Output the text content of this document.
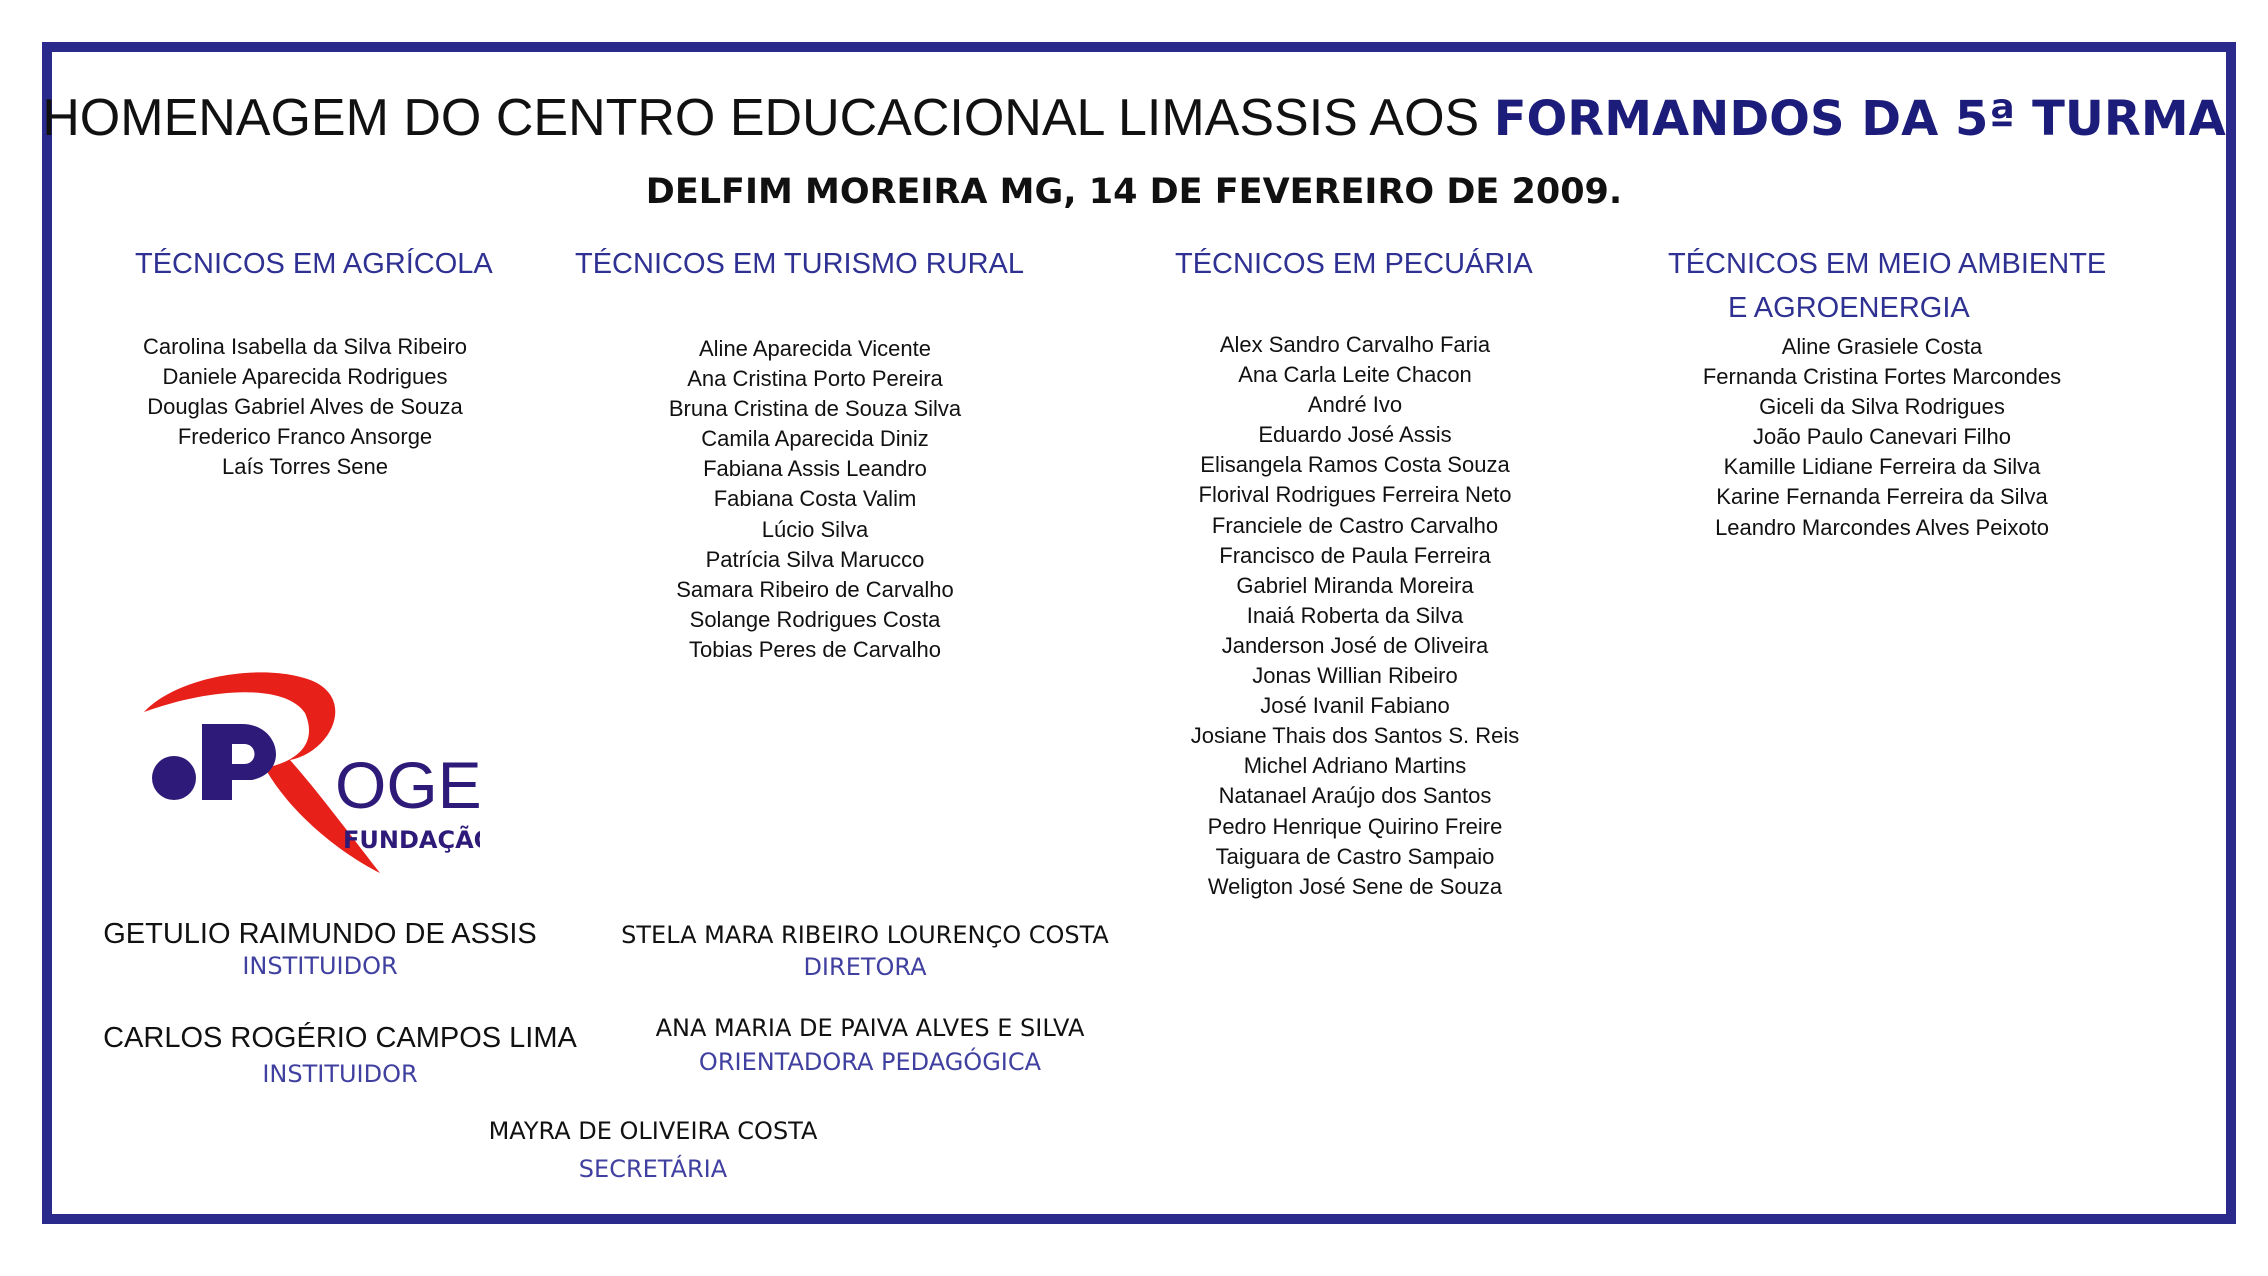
HOMENAGEM DO CENTRO EDUCACIONAL LIMASSIS AOS FORMANDOS DA 5ª TURMA
DELFIM MOREIRA MG, 14 DE FEVEREIRO DE 2009.
TÉCNICOS EM AGRÍCOLA	TÉCNICOS EM TURISMO RURAL	TÉCNICOS EM PECUÁRIA	TÉCNICOS EM MEIO AMBIENTE
E AGROENERGIA
Carolina Isabella da Silva Ribeiro
Daniele Aparecida Rodrigues
Douglas Gabriel Alves de Souza
Frederico Franco Ansorge
Laís Torres Sene
Aline Aparecida Vicente
Ana Cristina Porto Pereira
Bruna Cristina de Souza Silva
Camila Aparecida Diniz
Fabiana Assis Leandro
Fabiana Costa Valim
Lúcio Silva
Patrícia Silva Marucco
Samara Ribeiro de Carvalho
Solange Rodrigues Costa
Tobias Peres de Carvalho
Alex Sandro Carvalho Faria
Ana Carla Leite Chacon
André Ivo
Eduardo José Assis
Elisangela Ramos Costa Souza
Florival Rodrigues Ferreira Neto
Franciele de Castro Carvalho
Francisco de Paula Ferreira
Gabriel Miranda Moreira
Inaiá Roberta da Silva
Janderson José de Oliveira
Jonas Willian Ribeiro
José Ivanil Fabiano
Josiane Thais dos Santos S. Reis
Michel Adriano Martins
Natanael Araújo dos Santos
Pedro Henrique Quirino Freire
Taiguara de Castro Sampaio
Weligton José Sene de Souza
Aline Grasiele Costa
Fernanda Cristina Fortes Marcondes
Giceli da Silva Rodrigues
João Paulo Canevari Filho
Kamille Lidiane Ferreira da Silva
Karine Fernanda Ferreira da Silva
Leandro Marcondes Alves Peixoto
OGE
FUNDAÇÃO
GETULIO RAIMUNDO DE ASSIS
INSTITUIDOR
CARLOS ROGÉRIO CAMPOS LIMA
INSTITUIDOR
STELA MARA RIBEIRO LOURENÇO COSTA
DIRETORA
ANA MARIA DE PAIVA ALVES E SILVA
ORIENTADORA PEDAGÓGICA
MAYRA DE OLIVEIRA COSTA
SECRETÁRIA
